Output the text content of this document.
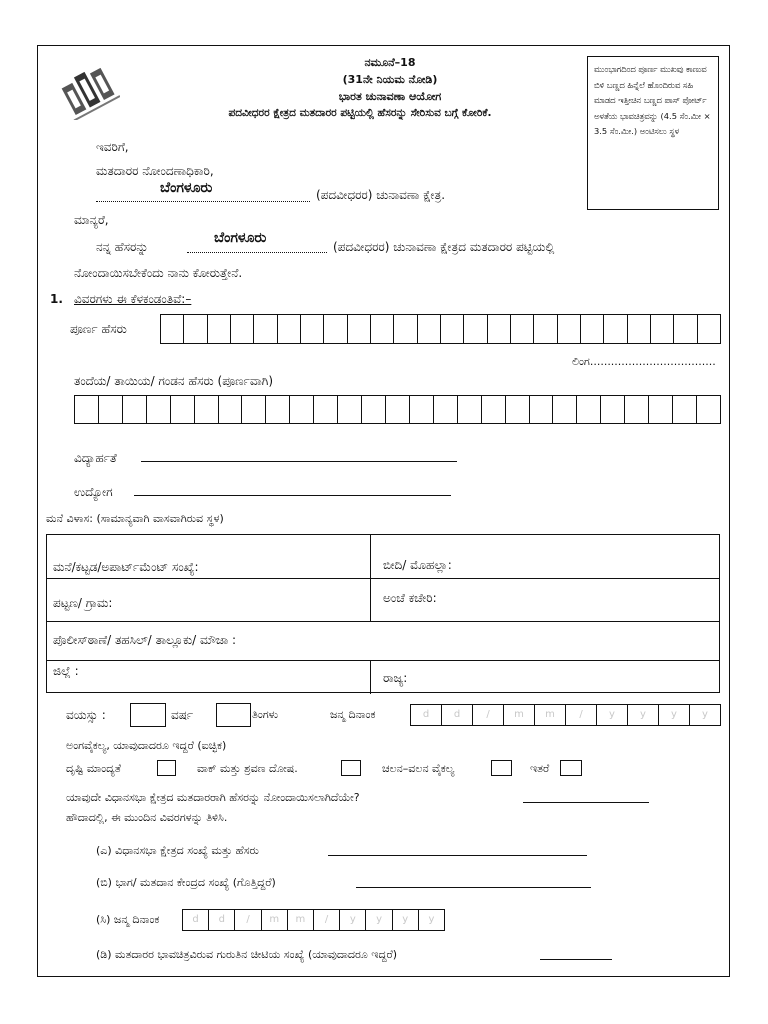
ನಮೂನೆ–18
(31ನೇ ನಿಯಮ ನೋಡಿ)
ಭಾರತ ಚುನಾವಣಾ ಆಯೋಗ
ಪದವೀಧರರ ಕ್ಷೇತ್ರದ ಮತದಾರರ ಪಟ್ಟಿಯಲ್ಲಿ ಹೆಸರನ್ನು ಸೇರಿಸುವ ಬಗ್ಗೆ ಕೋರಿಕೆ.
ಮುಂಭಾಗದಿಂದ ಪೂರ್ಣ ಮುಖವು ಕಾಣುವ ಬಿಳಿ ಬಣ್ಣದ ಹಿನ್ನೆಲೆ ಹೊಂದಿರುವ ಸಹಿ ಮಾಡದ ಇತ್ತೀಚಿನ ಬಣ್ಣದ ಪಾಸ್ ಪೋರ್ಟ್ ಅಳತೆಯ ಭಾವಚಿತ್ರವನ್ನು (4.5 ಸೆಂ.ಮೀ × 3.5 ಸೆಂ.ಮೀ.) ಅಂಟಿಸಲು ಸ್ಥಳ
ಇವರಿಗೆ,
ಮತದಾರರ ನೋಂದಣಾಧಿಕಾರಿ,
ಬೆಂಗಳೂರು	(ಪದವೀಧರರ) ಚುನಾವಣಾ ಕ್ಷೇತ್ರ.
ಮಾನ್ಯರೆ,
ನನ್ನ ಹೆಸರನ್ನು
ಬೆಂಗಳೂರು
(ಪದವೀಧರರ) ಚುನಾವಣಾ ಕ್ಷೇತ್ರದ ಮತದಾರರ ಪಟ್ಟಿಯಲ್ಲಿ
ನೋಂದಾಯಿಸಬೇಕೆಂದು ನಾನು ಕೋರುತ್ತೇನೆ.
1. ವಿವರಗಳು ಈ ಕೆಳಕಂಡಂತಿವೆ:–
ಪೂರ್ಣ ಹೆಸರು
ಲಿಂಗ....................................
ತಂದೆಯ/ ತಾಯಿಯ/ ಗಂಡನ ಹೆಸರು (ಪೂರ್ಣವಾಗಿ)
ವಿದ್ಯಾರ್ಹತೆ
ಉದ್ಯೋಗ
ಮನೆ ವಿಳಾಸ: (ಸಾಮಾನ್ಯವಾಗಿ ವಾಸವಾಗಿರುವ ಸ್ಥಳ)
ಮನೆ/ಕಟ್ಟಡ/ಅಪಾರ್ಟ್‌ಮೆಂಟ್ ಸಂಖ್ಯೆ:	ಬೀದಿ/ ಮೊಹಲ್ಲಾ:
ಪಟ್ಟಣ/ ಗ್ರಾಮ:	ಅಂಚೆ ಕಚೇರಿ:
ಪೊಲೀಸ್‌ಠಾಣೆ/ ತಹಸಿಲ್/ ತಾಲ್ಲೂಕು/ ಮೌಜಾ :
ಜಿಲ್ಲೆ :	ರಾಜ್ಯ:
ವಯಸ್ಸು :	ವರ್ಷ	ತಿಂಗಳು	ಜನ್ಮ ದಿನಾಂಕ	d	d	/	m	m	/	y	y	y	y
ಅಂಗವೈಕಲ್ಯ, ಯಾವುದಾದರೂ ಇದ್ದರೆ (ಐಚ್ಛಿಕ)
ದೃಷ್ಟಿ ಮಾಂದ್ಯತೆ	ವಾಕ್ ಮತ್ತು ಶ್ರವಣ ದೋಷ.	ಚಲನ–ವಲನ ವೈಕಲ್ಯ	ಇತರೆ
ಯಾವುದೇ ವಿಧಾನಸಭಾ ಕ್ಷೇತ್ರದ ಮತದಾರರಾಗಿ ಹೆಸರನ್ನು ನೋಂದಾಯಿಸಲಾಗಿದೆಯೇ?
ಹೌದಾದಲ್ಲಿ, ಈ ಮುಂದಿನ ವಿವರಗಳನ್ನು ತಿಳಿಸಿ.
(ಎ) ವಿಧಾನಸಭಾ ಕ್ಷೇತ್ರದ ಸಂಖ್ಯೆ ಮತ್ತು ಹೆಸರು
(ಬಿ) ಭಾಗ/ ಮತದಾನ ಕೇಂದ್ರದ ಸಂಖ್ಯೆ (ಗೊತ್ತಿದ್ದರೆ)
(ಸಿ) ಜನ್ಮ ದಿನಾಂಕ	d	d	/	m	m	/	y	y	y	y
(ಡಿ) ಮತದಾರರ ಭಾವಚಿತ್ರವಿರುವ ಗುರುತಿನ ಚೀಟಿಯ ಸಂಖ್ಯೆ (ಯಾವುದಾದರೂ ಇದ್ದರೆ)
